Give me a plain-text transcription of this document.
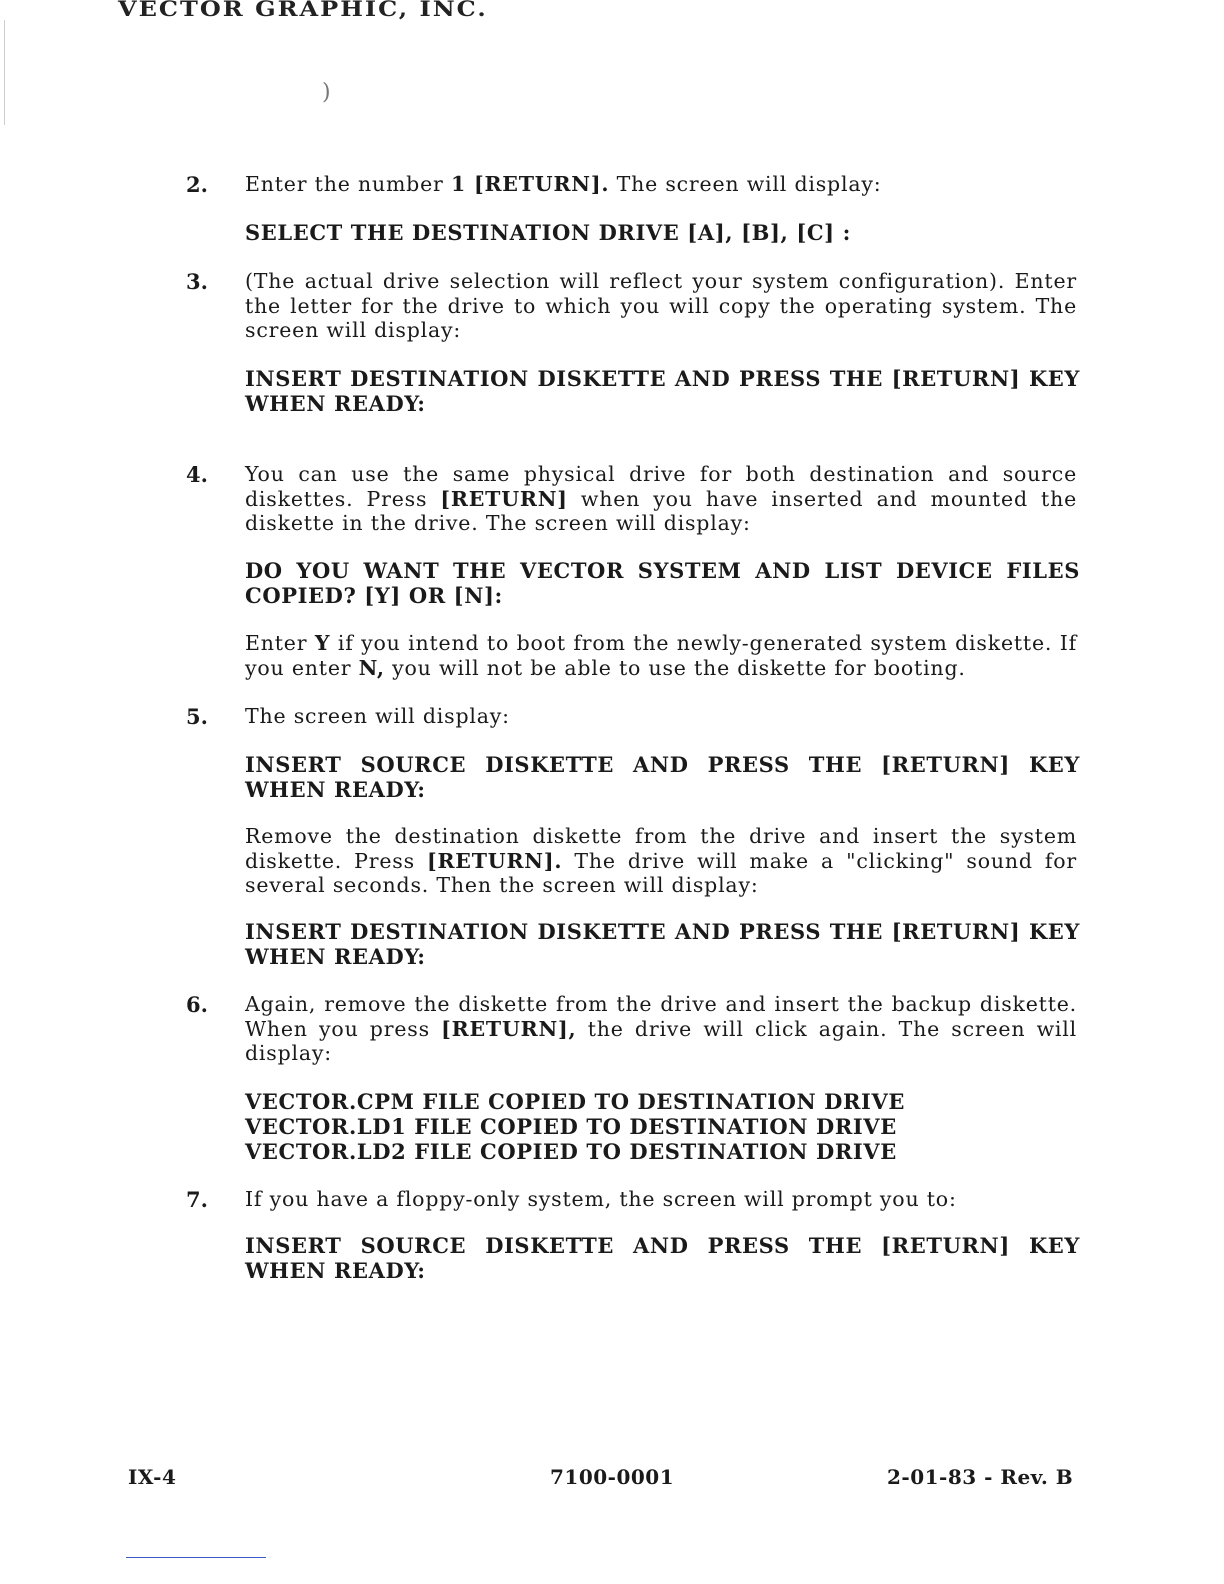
VECTOR GRAPHIC, INC.
)
2. Enter the number 1 [RETURN]. The screen will display:
SELECT THE DESTINATION DRIVE [A], [B], [C] :
3. (The actual drive selection will reflect your system configuration). Enter the letter for the drive to which you will copy the operating system. The screen will display:
INSERT DESTINATION DISKETTE AND PRESS THE [RETURN] KEY WHEN READY:
4. You can use the same physical drive for both destination and source diskettes. Press [RETURN] when you have inserted and mounted the diskette in the drive. The screen will display:
DO YOU WANT THE VECTOR SYSTEM AND LIST DEVICE FILES COPIED? [Y] OR [N]:
Enter Y if you intend to boot from the newly-generated system diskette. If you enter N, you will not be able to use the diskette for booting.
5. The screen will display:
INSERT SOURCE DISKETTE AND PRESS THE [RETURN] KEY WHEN READY:
Remove the destination diskette from the drive and insert the system diskette. Press [RETURN]. The drive will make a "clicking" sound for several seconds. Then the screen will display:
INSERT DESTINATION DISKETTE AND PRESS THE [RETURN] KEY WHEN READY:
6. Again, remove the diskette from the drive and insert the backup diskette. When you press [RETURN], the drive will click again. The screen will display:
VECTOR.CPM FILE COPIED TO DESTINATION DRIVE
VECTOR.LD1 FILE COPIED TO DESTINATION DRIVE
VECTOR.LD2 FILE COPIED TO DESTINATION DRIVE
7. If you have a floppy-only system, the screen will prompt you to:
INSERT SOURCE DISKETTE AND PRESS THE [RETURN] KEY WHEN READY:
IX-4	7100-0001	2-01-83 - Rev. B
